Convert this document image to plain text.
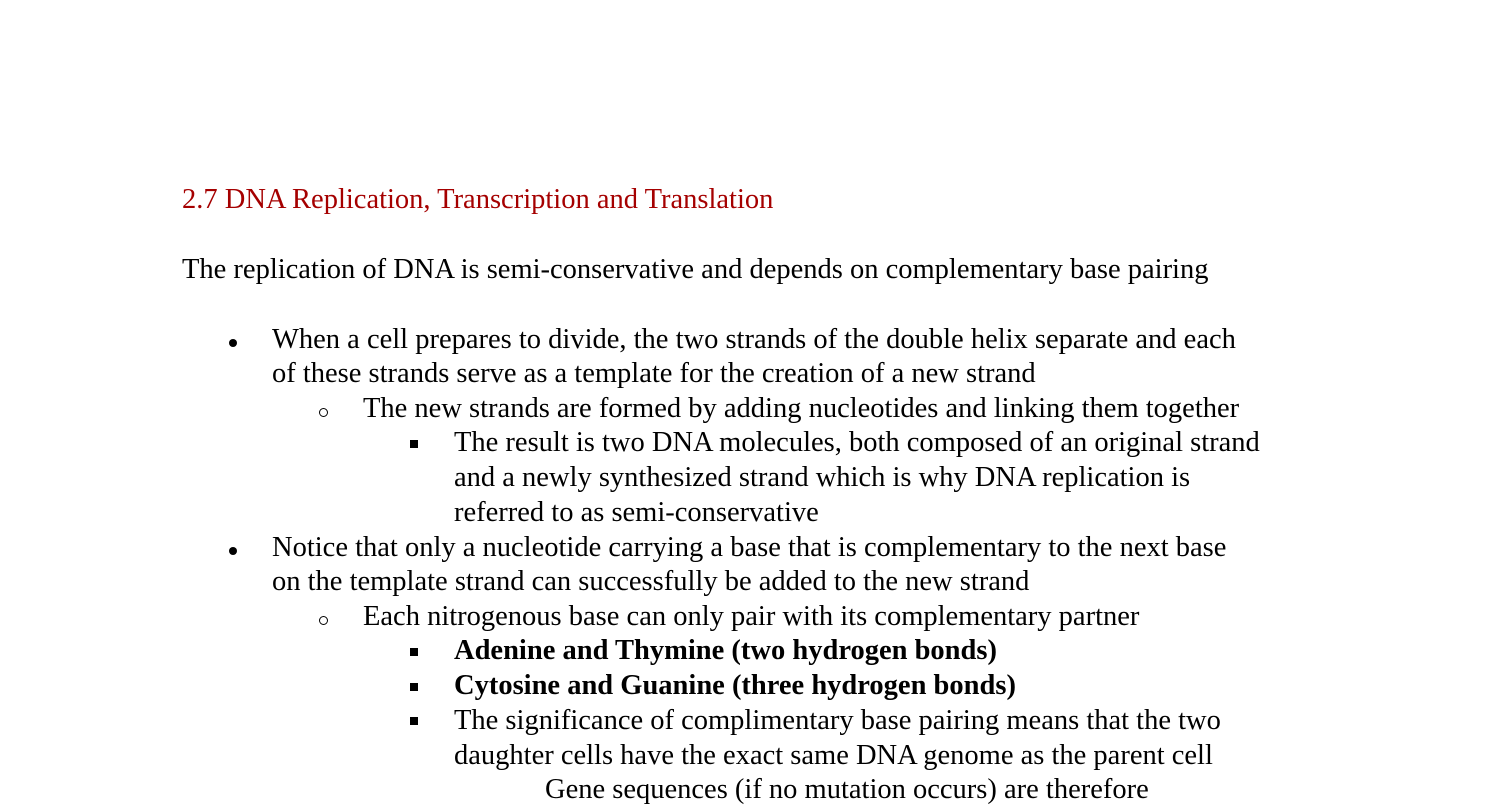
2.7 DNA Replication, Transcription and Translation
The replication of DNA is semi-conservative and depends on complementary base pairing
When a cell prepares to divide, the two strands of the double helix separate and each
of these strands serve as a template for the creation of a new strand
The new strands are formed by adding nucleotides and linking them together
The result is two DNA molecules, both composed of an original strand
and a newly synthesized strand which is why DNA replication is
referred to as semi-conservative
Notice that only a nucleotide carrying a base that is complementary to the next base
on the template strand can successfully be added to the new strand
Each nitrogenous base can only pair with its complementary partner
Adenine and Thymine (two hydrogen bonds)
Cytosine and Guanine (three hydrogen bonds)
The significance of complimentary base pairing means that the two
daughter cells have the exact same DNA genome as the parent cell
Gene sequences (if no mutation occurs) are therefore
